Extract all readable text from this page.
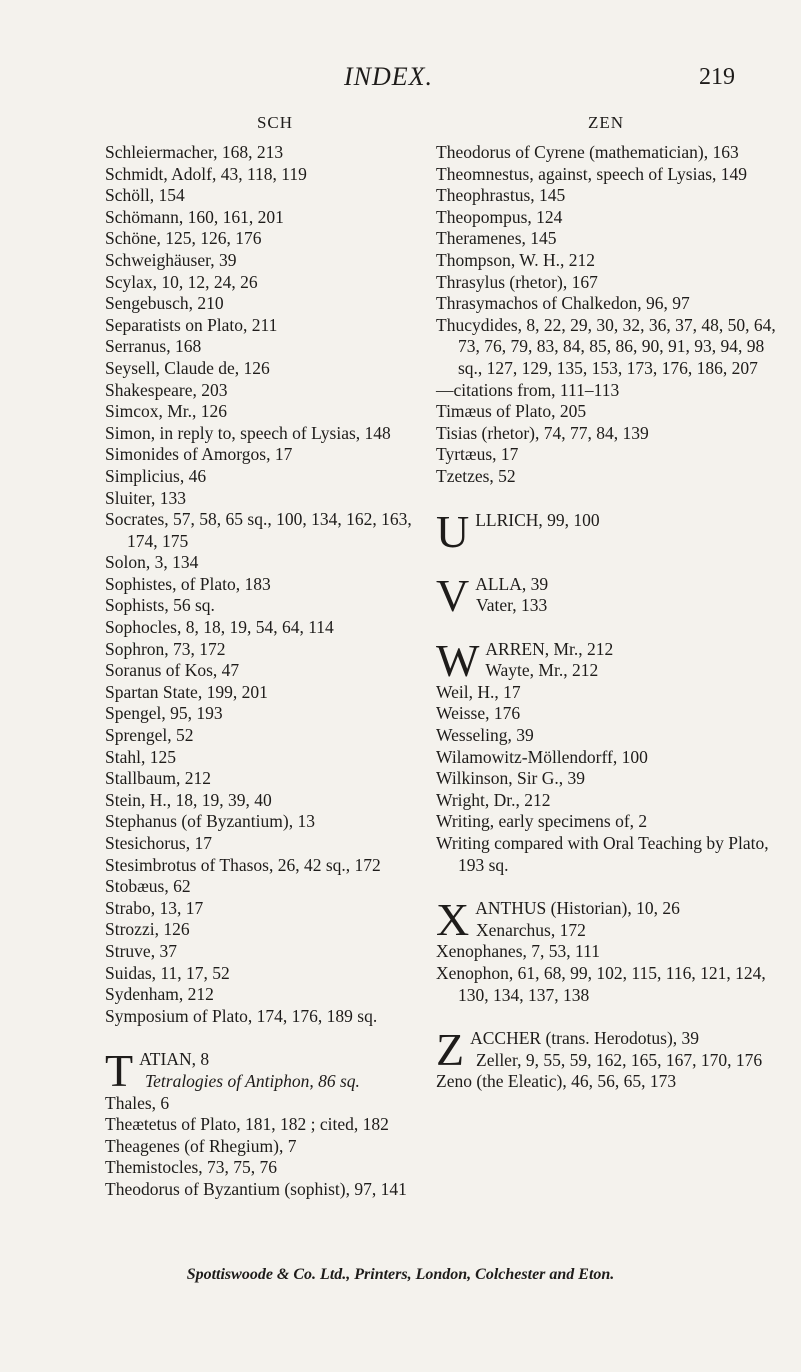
INDEX.	219
SCH
Schleiermacher, 168, 213
Schmidt, Adolf, 43, 118, 119
Schöll, 154
Schömann, 160, 161, 201
Schöne, 125, 126, 176
Schweighäuser, 39
Scylax, 10, 12, 24, 26
Sengebusch, 210
Separatists on Plato, 211
Serranus, 168
Seysell, Claude de, 126
Shakespeare, 203
Simcox, Mr., 126
Simon, in reply to, speech of Lysias, 148
Simonides of Amorgos, 17
Simplicius, 46
Sluiter, 133
Socrates, 57, 58, 65 sq., 100, 134, 162, 163, 174, 175
Solon, 3, 134
Sophistes, of Plato, 183
Sophists, 56 sq.
Sophocles, 8, 18, 19, 54, 64, 114
Sophron, 73, 172
Soranus of Kos, 47
Spartan State, 199, 201
Spengel, 95, 193
Sprengel, 52
Stahl, 125
Stallbaum, 212
Stein, H., 18, 19, 39, 40
Stephanus (of Byzantium), 13
Stesichorus, 17
Stesimbrotus of Thasos, 26, 42 sq., 172
Stobæus, 62
Strabo, 13, 17
Strozzi, 126
Struve, 37
Suidas, 11, 17, 52
Sydenham, 212
Symposium of Plato, 174, 176, 189 sq.
TATIAN, 8
Tetralogies of Antiphon, 86 sq.
Thales, 6
Theætetus of Plato, 181, 182 ; cited, 182
Theagenes (of Rhegium), 7
Themistocles, 73, 75, 76
Theodorus of Byzantium (sophist), 97, 141
ZEN
Theodorus of Cyrene (mathematician), 163
Theomnestus, against, speech of Lysias, 149
Theophrastus, 145
Theopompus, 124
Theramenes, 145
Thompson, W. H., 212
Thrasylus (rhetor), 167
Thrasymachos of Chalkedon, 96, 97
Thucydides, 8, 22, 29, 30, 32, 36, 37, 48, 50, 64, 73, 76, 79, 83, 84, 85, 86, 90, 91, 93, 94, 98 sq., 127, 129, 135, 153, 173, 176, 186, 207
—citations from, 111–113
Timæus of Plato, 205
Tisias (rhetor), 74, 77, 84, 139
Tyrtæus, 17
Tzetzes, 52
ULLRICH, 99, 100
VALLA, 39
Vater, 133
WARREN, Mr., 212
Wayte, Mr., 212
Weil, H., 17
Weisse, 176
Wesseling, 39
Wilamowitz-Möllendorff, 100
Wilkinson, Sir G., 39
Wright, Dr., 212
Writing, early specimens of, 2
Writing compared with Oral Teaching by Plato, 193 sq.
XANTHUS (Historian), 10, 26
Xenarchus, 172
Xenophanes, 7, 53, 111
Xenophon, 61, 68, 99, 102, 115, 116, 121, 124, 130, 134, 137, 138
ZACCHER (trans. Herodotus), 39
Zeller, 9, 55, 59, 162, 165, 167, 170, 176
Zeno (the Eleatic), 46, 56, 65, 173
Spottiswoode & Co. Ltd., Printers, London, Colchester and Eton.
